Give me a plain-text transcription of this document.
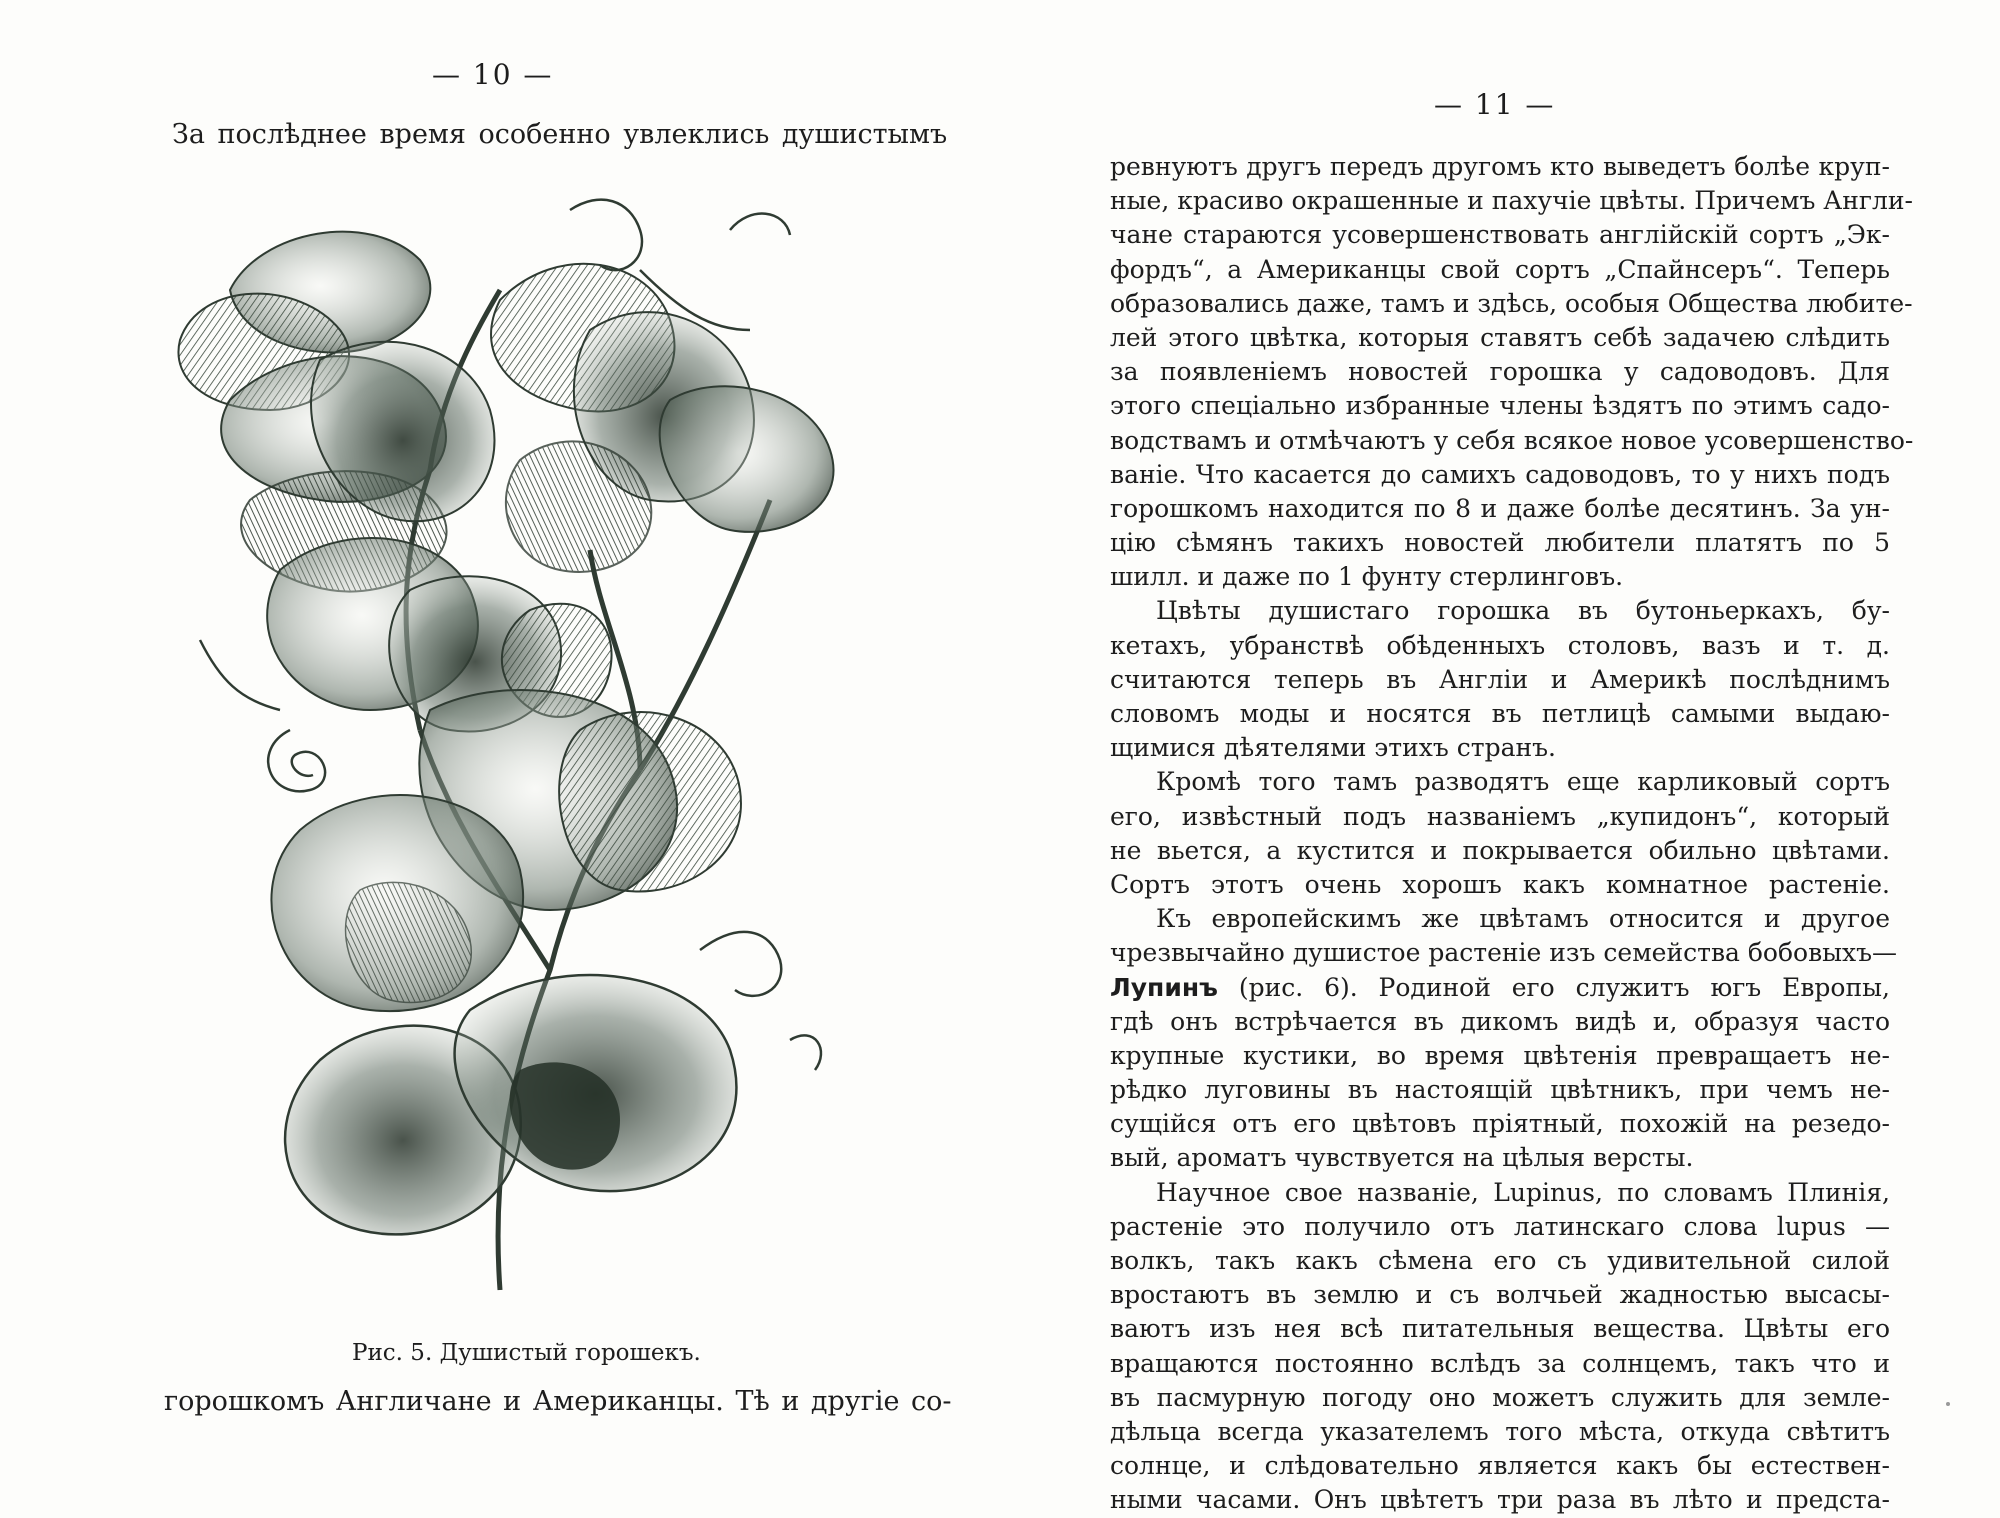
— 10 —
За послѣднее время особенно увлеклись душистымъ
Рис. 5. Душистый горошекъ.
горошкомъ Англичане и Американцы. Тѣ и другіе со-
— 11 —

ревнуютъ другъ передъ другомъ кто выведетъ болѣе круп-
ные, красиво окрашенные и пахучіе цвѣты. Причемъ Англи-
чане стараются усовершенствовать англійскій сортъ „Эк-
фордъ“, а Американцы свой сортъ „Спайнсеръ“. Теперь
образовались даже, тамъ и здѣсь, особыя Общества любите-
лей этого цвѣтка, которыя ставятъ себѣ задачею слѣдить
за появленіемъ новостей горошка у садоводовъ. Для
этого спеціально избранные члены ѣздятъ по этимъ садо-
водствамъ и отмѣчаютъ у себя всякое новое усовершенство-
ваніе. Что касается до самихъ садоводовъ, то у нихъ подъ
горошкомъ находится по 8 и даже болѣе десятинъ. За ун-
цію сѣмянъ такихъ новостей любители платятъ по 5
шилл. и даже по 1 фунту стерлинговъ.

Цвѣты душистаго горошка въ бутоньеркахъ, бу-
кетахъ, убранствѣ обѣденныхъ столовъ, вазъ и т. д.
считаются теперь въ Англіи и Америкѣ послѣднимъ
словомъ моды и носятся въ петлицѣ самыми выдаю-
щимися дѣятелями этихъ странъ.

Кромѣ того тамъ разводятъ еще карликовый сортъ
его, извѣстный подъ названіемъ „купидонъ“, который
не вьется, а кустится и покрывается обильно цвѣтами.
Сортъ этотъ очень хорошъ какъ комнатное растеніе.

Къ европейскимъ же цвѣтамъ относится и другое
чрезвычайно душистое растеніе изъ семейства бобовыхъ—
Лупинъ (рис. 6). Родиной его служитъ югъ Европы,
гдѣ онъ встрѣчается въ дикомъ видѣ и, образуя часто
крупные кустики, во время цвѣтенія превращаетъ не-
рѣдко луговины въ настоящій цвѣтникъ, при чемъ не-
сущійся отъ его цвѣтовъ пріятный, похожій на резедо-
вый, ароматъ чувствуется на цѣлыя версты.

Научное свое названіе, Lupinus, по словамъ Плинія,
растеніе это получило отъ латинскаго слова lupus —
волкъ, такъ какъ сѣмена его съ удивительной силой
вростаютъ въ землю и съ волчьей жадностью высасы-
ваютъ изъ нея всѣ питательныя вещества. Цвѣты его
вращаются постоянно вслѣдъ за солнцемъ, такъ что и
въ пасмурную погоду оно можетъ служить для земле-
дѣльца всегда указателемъ того мѣста, откуда свѣтитъ
солнце, и слѣдовательно является какъ бы естествен-
ными часами. Онъ цвѣтетъ три раза въ лѣто и предста-
